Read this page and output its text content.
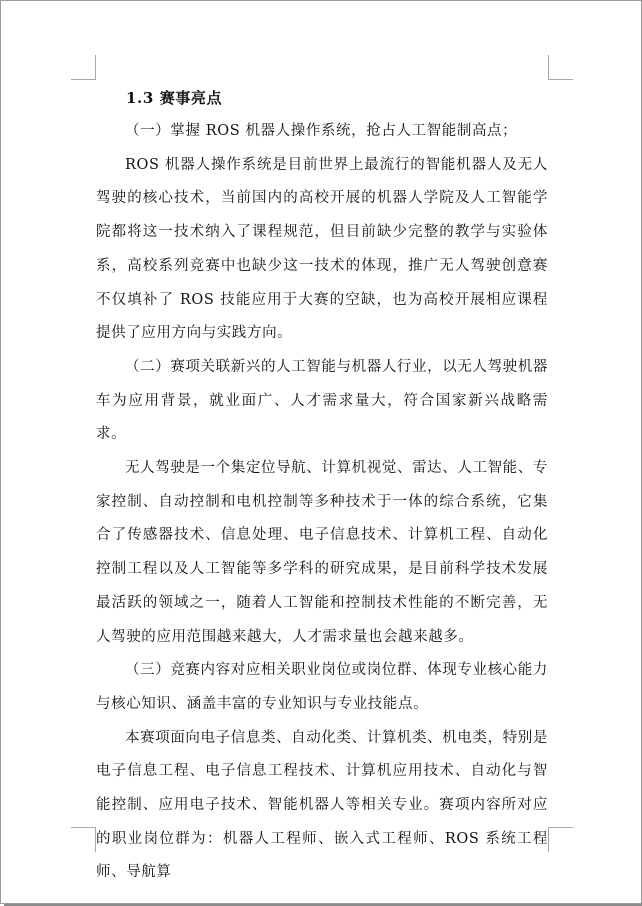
1.3 赛事亮点

（一）掌握 ROS 机器人操作系统，抢占人工智能制高点；

ROS 机器人操作系统是目前世界上最流行的智能机器人及无人驾驶的核心技术，当前国内的高校开展的机器人学院及人工智能学院都将这一技术纳入了课程规范，但目前缺少完整的教学与实验体系，高校系列竞赛中也缺少这一技术的体现，推广无人驾驶创意赛不仅填补了 ROS 技能应用于大赛的空缺，也为高校开展相应课程提供了应用方向与实践方向。

（二）赛项关联新兴的人工智能与机器人行业，以无人驾驶机器车为应用背景，就业面广、人才需求量大，符合国家新兴战略需求。

无人驾驶是一个集定位导航、计算机视觉、雷达、人工智能、专家控制、自动控制和电机控制等多种技术于一体的综合系统，它集合了传感器技术、信息处理、电子信息技术、计算机工程、自动化控制工程以及人工智能等多学科的研究成果，是目前科学技术发展最活跃的领域之一，随着人工智能和控制技术性能的不断完善，无人驾驶的应用范围越来越大，人才需求量也会越来越多。

（三）竞赛内容对应相关职业岗位或岗位群、体现专业核心能力与核心知识、涵盖丰富的专业知识与专业技能点。

本赛项面向电子信息类、自动化类、计算机类、机电类，特别是电子信息工程、电子信息工程技术、计算机应用技术、自动化与智能控制、应用电子技术、智能机器人等相关专业。赛项内容所对应的职业岗位群为：机器人工程师、嵌入式工程师、ROS 系统工程师、导航算
